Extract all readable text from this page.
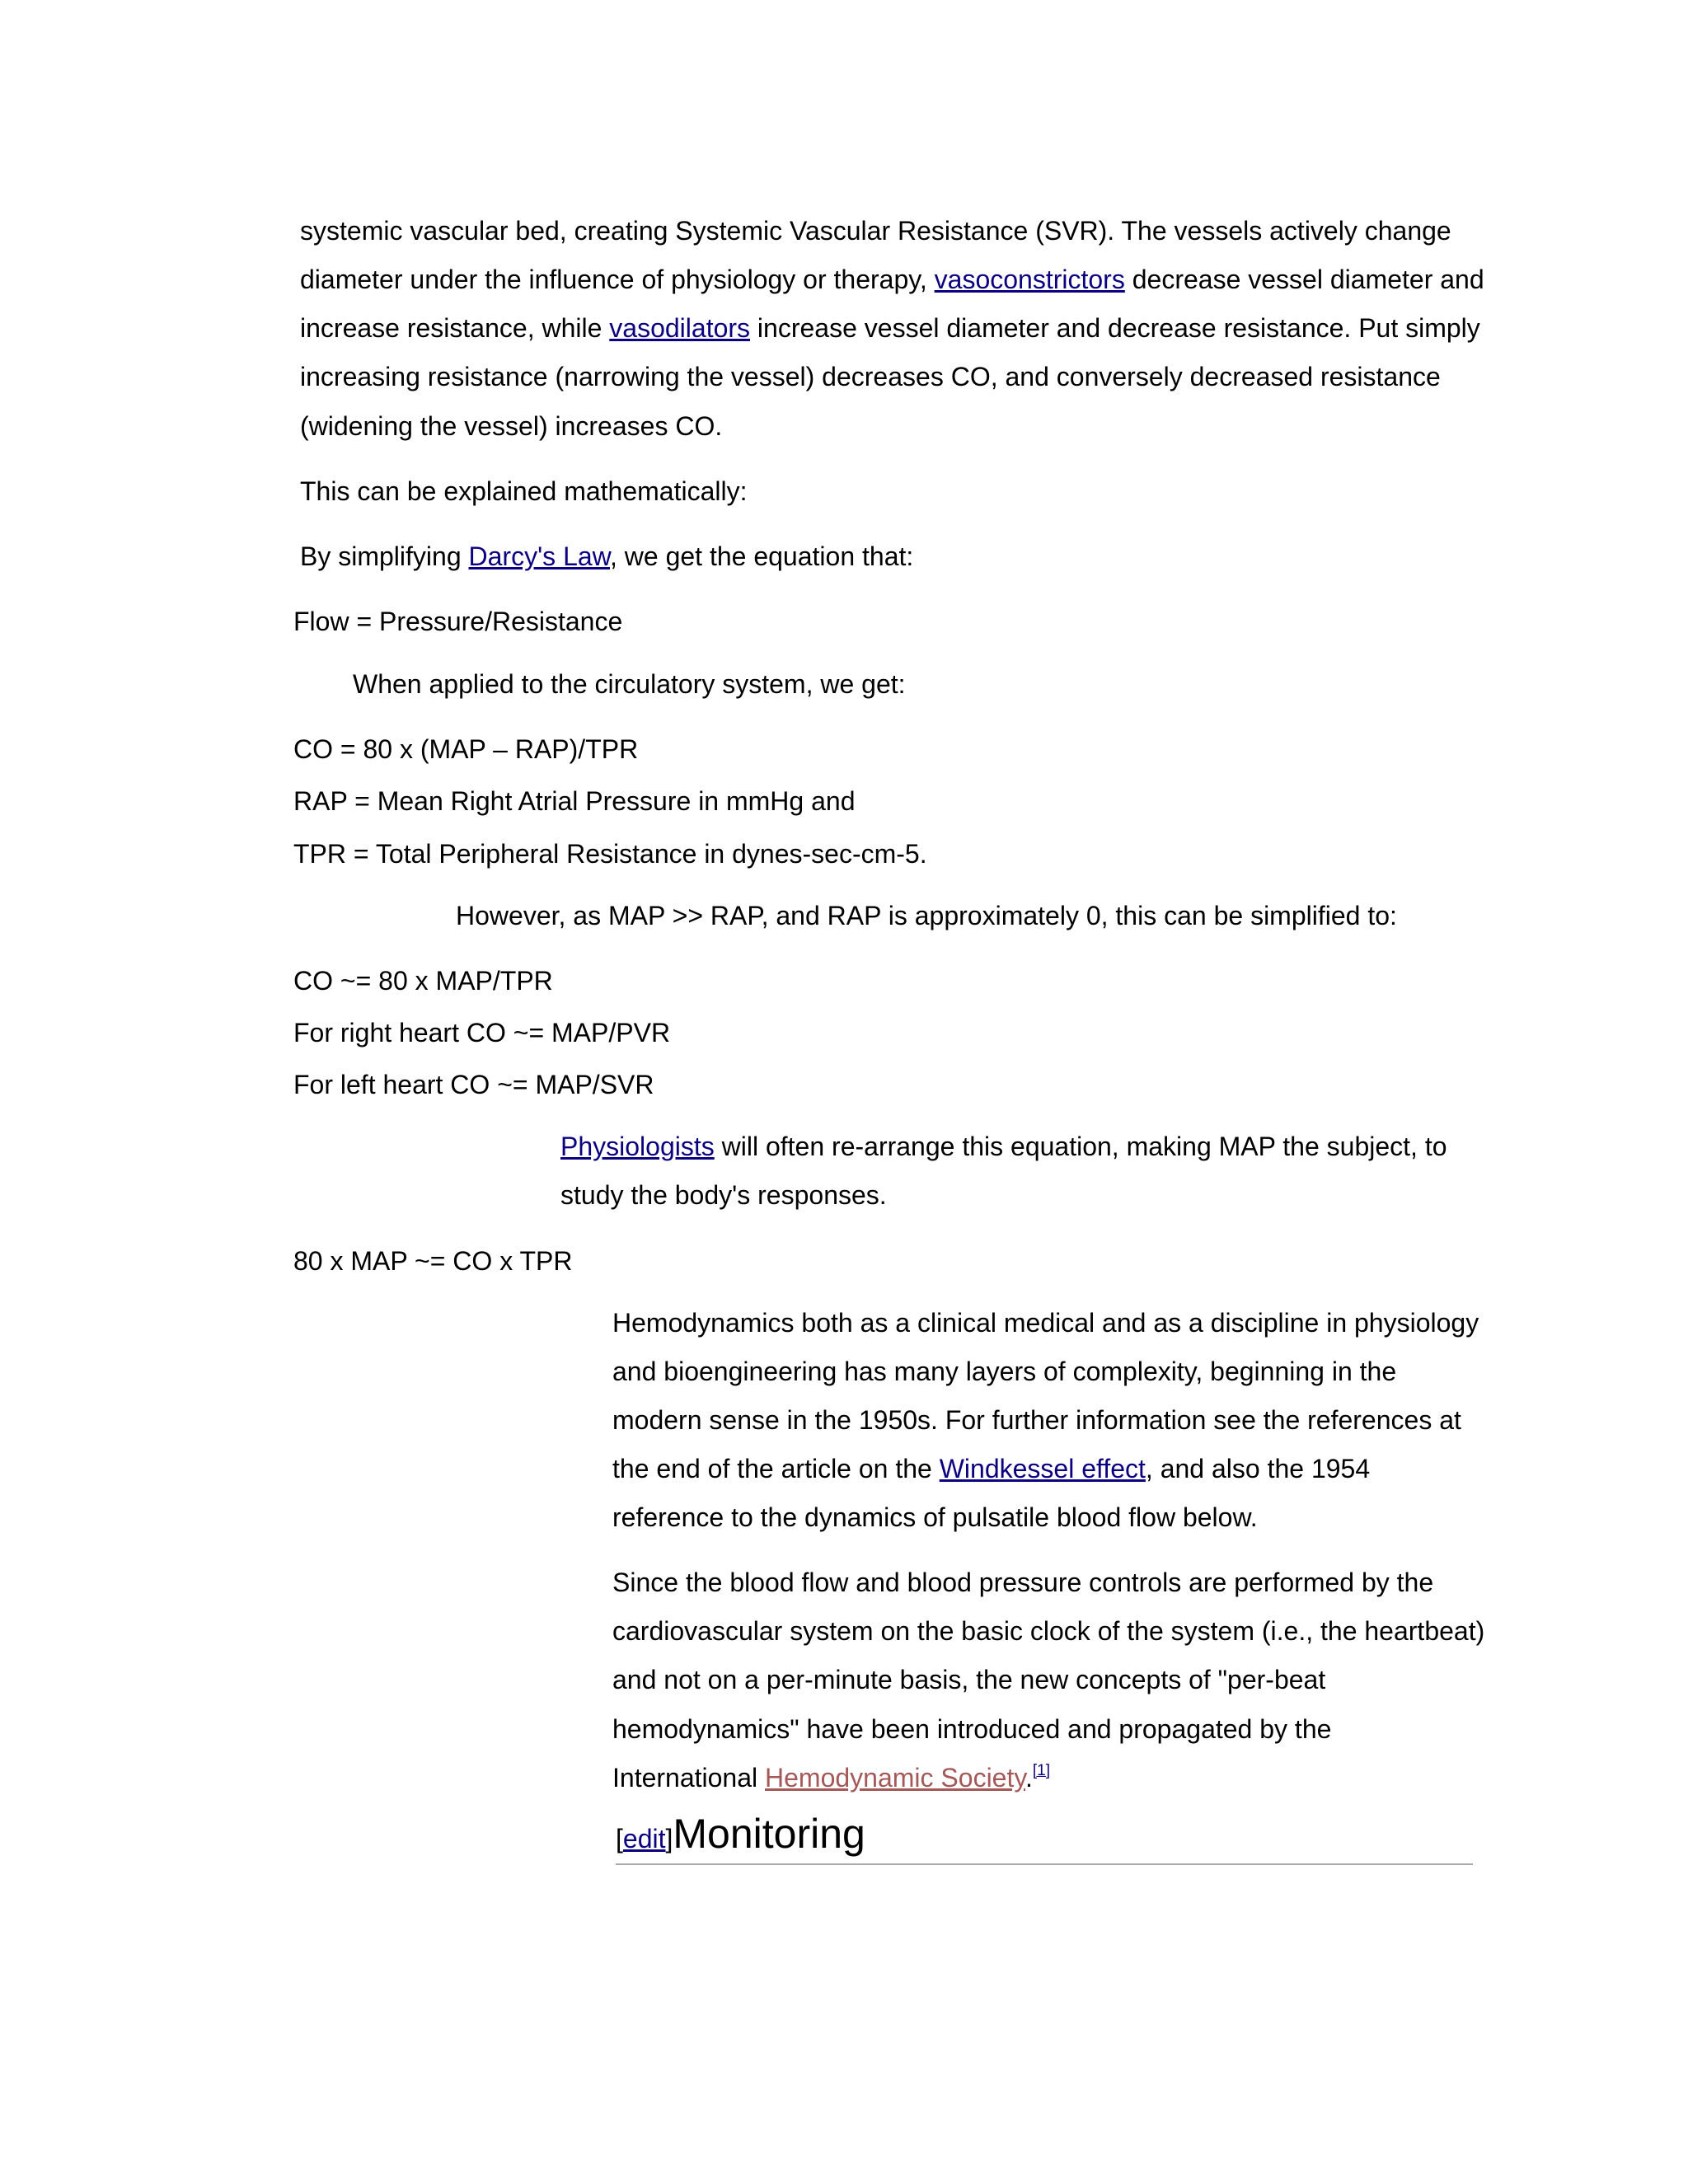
systemic vascular bed, creating Systemic Vascular Resistance (SVR). The vessels actively change
diameter under the influence of physiology or therapy, vasoconstrictors decrease vessel diameter and
increase resistance, while vasodilators increase vessel diameter and decrease resistance. Put simply
increasing resistance (narrowing the vessel) decreases CO, and conversely decreased resistance
(widening the vessel) increases CO.
This can be explained mathematically:
By simplifying Darcy's Law, we get the equation that:
Flow = Pressure/Resistance
When applied to the circulatory system, we get:
CO = 80 x (MAP – RAP)/TPR
RAP = Mean Right Atrial Pressure in mmHg and
TPR = Total Peripheral Resistance in dynes-sec-cm-5.
However, as MAP >> RAP, and RAP is approximately 0, this can be simplified to:
CO ~= 80 x MAP/TPR
For right heart CO ~= MAP/PVR
For left heart CO ~= MAP/SVR
Physiologists will often re-arrange this equation, making MAP the subject, to
study the body's responses.
80 x MAP ~= CO x TPR
Hemodynamics both as a clinical medical and as a discipline in physiology
and bioengineering has many layers of complexity, beginning in the
modern sense in the 1950s. For further information see the references at
the end of the article on the Windkessel effect, and also the 1954
reference to the dynamics of pulsatile blood flow below.
Since the blood flow and blood pressure controls are performed by the
cardiovascular system on the basic clock of the system (i.e., the heartbeat)
and not on a per-minute basis, the new concepts of "per-beat
hemodynamics" have been introduced and propagated by the
International Hemodynamic Society.[1]
[edit]Monitoring
